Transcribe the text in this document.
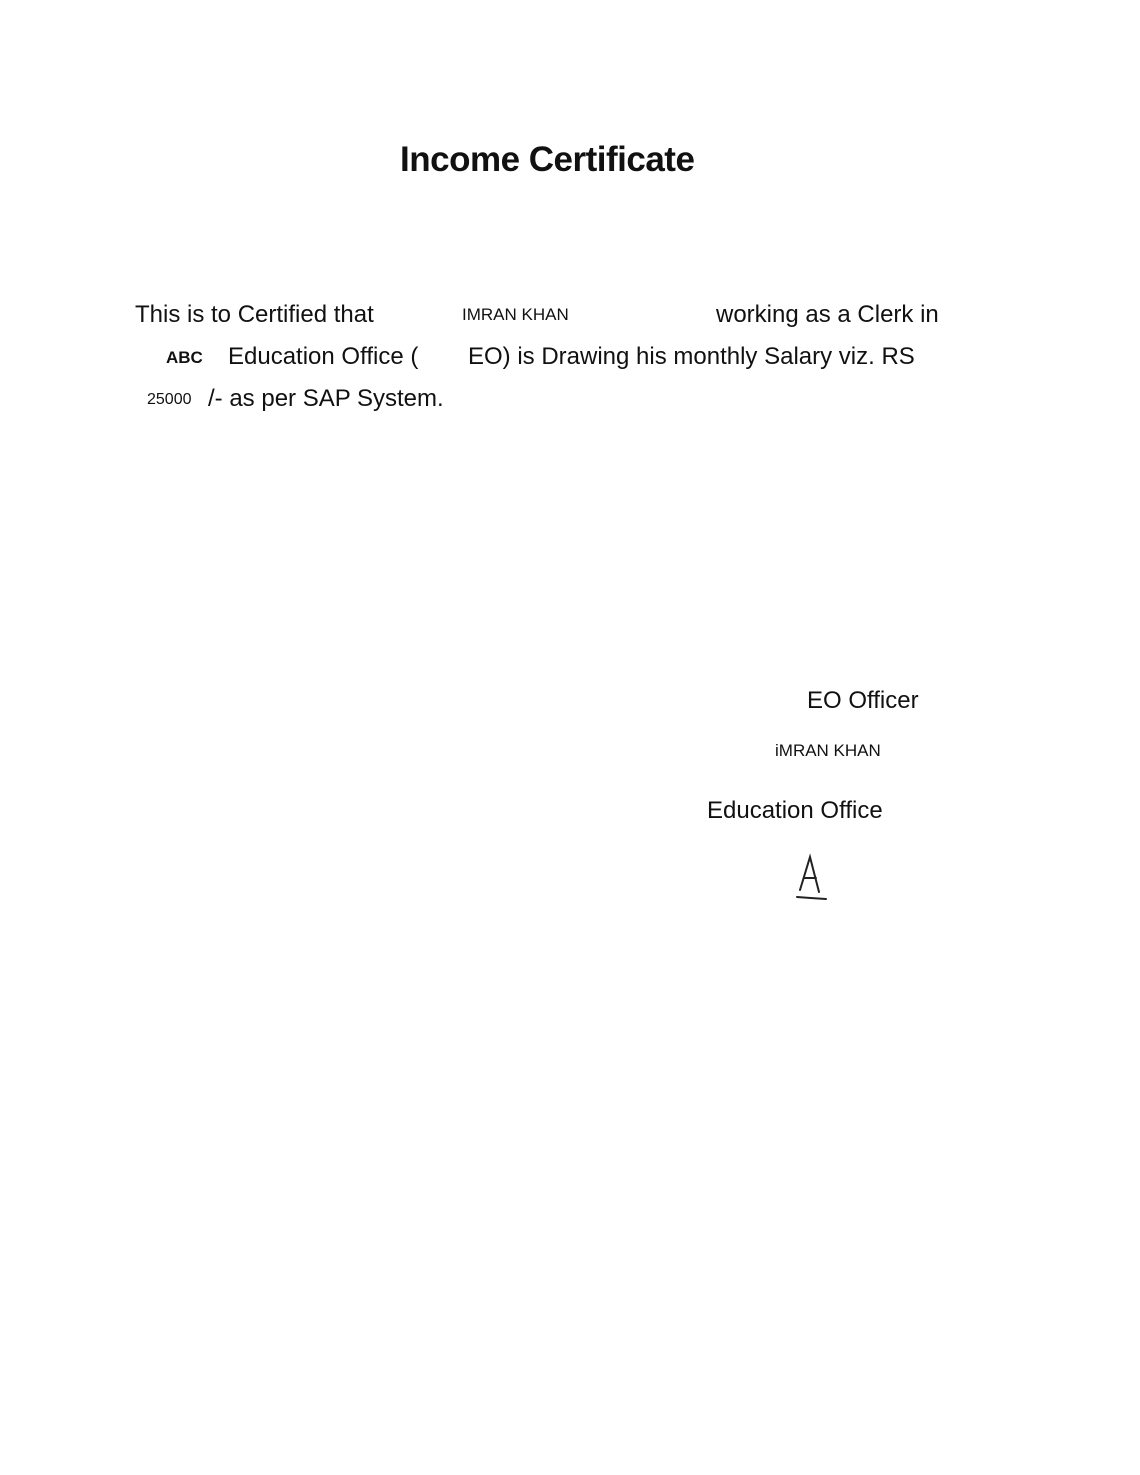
Income Certificate
This is to Certified that	IMRAN KHAN	working as a Clerk in
ABC Education Office ( EO) is Drawing his monthly Salary viz. RS
25000 /- as per SAP System.
EO Officer
iMRAN KHAN
Education Office
